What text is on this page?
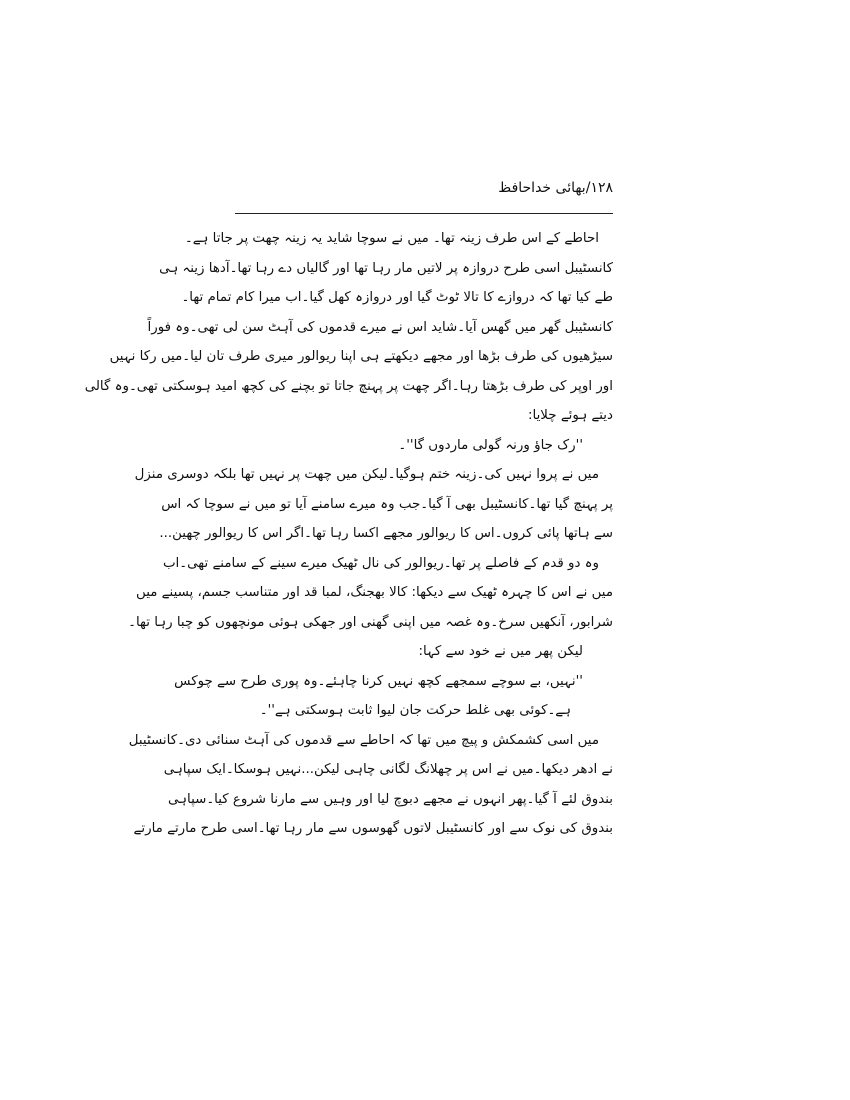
۱۲۸/بھائی خداحافظ
احاطے کے اس طرف زینہ تھا۔ میں نے سوچا شاید یہ زینہ چھت پر جاتا ہے۔
کانسٹیبل اسی طرح دروازہ پر لاتیں مار رہا تھا اور گالیاں دے رہا تھا۔آدھا زینہ ہی
طے کیا تھا کہ دروازے کا تالا ٹوٹ گیا اور دروازہ کھل گیا۔اب میرا کام تمام تھا۔
کانسٹیبل گھر میں گھس آیا۔شاید اس نے میرے قدموں کی آہٹ سن لی تھی۔وہ فوراً
سیڑھیوں کی طرف بڑھا اور مجھے دیکھتے ہی اپنا ریوالور میری طرف تان لیا۔میں رکا نہیں
اور اوپر کی طرف بڑھتا رہا۔اگر چھت پر پہنچ جاتا تو بچنے کی کچھ امید ہوسکتی تھی۔وہ گالی
دیتے ہوئے چلایا:
''رک جاؤ ورنہ گولی ماردوں گا''۔
میں نے پروا نہیں کی۔زینہ ختم ہوگیا۔لیکن میں چھت پر نہیں تھا بلکہ دوسری منزل
پر پہنچ گیا تھا۔کانسٹیبل بھی آ گیا۔جب وہ میرے سامنے آیا تو میں نے سوچا کہ اس
سے ہاتھا پائی کروں۔اس کا ریوالور مجھے اکسا رہا تھا۔اگر اس کا ریوالور چھین...
وہ دو قدم کے فاصلے پر تھا۔ریوالور کی نال ٹھیک میرے سینے کے سامنے تھی۔اب
میں نے اس کا چہرہ ٹھیک سے دیکھا: کالا بھجنگ، لمبا قد اور متناسب جسم، پسینے میں
شرابور، آنکھیں سرخ۔وہ غصہ میں اپنی گھنی اور جھکی ہوئی مونچھوں کو چبا رہا تھا۔
لیکن پھر میں نے خود سے کہا:
''نہیں، بے سوچے سمجھے کچھ نہیں کرنا چاہئے۔وہ پوری طرح سے چوکس
ہے۔کوئی بھی غلط حرکت جان لیوا ثابت ہوسکتی ہے''۔
میں اسی کشمکش و پیچ میں تھا کہ احاطے سے قدموں کی آہٹ سنائی دی۔کانسٹیبل
نے ادھر دیکھا۔میں نے اس پر چھلانگ لگانی چاہی لیکن...نہیں ہوسکا۔ایک سپاہی
بندوق لئے آ گیا۔پھر انہوں نے مجھے دبوچ لیا اور وہیں سے مارنا شروع کیا۔سپاہی
بندوق کی نوک سے اور کانسٹیبل لاتوں گھوسوں سے مار رہا تھا۔اسی طرح مارتے مارتے
